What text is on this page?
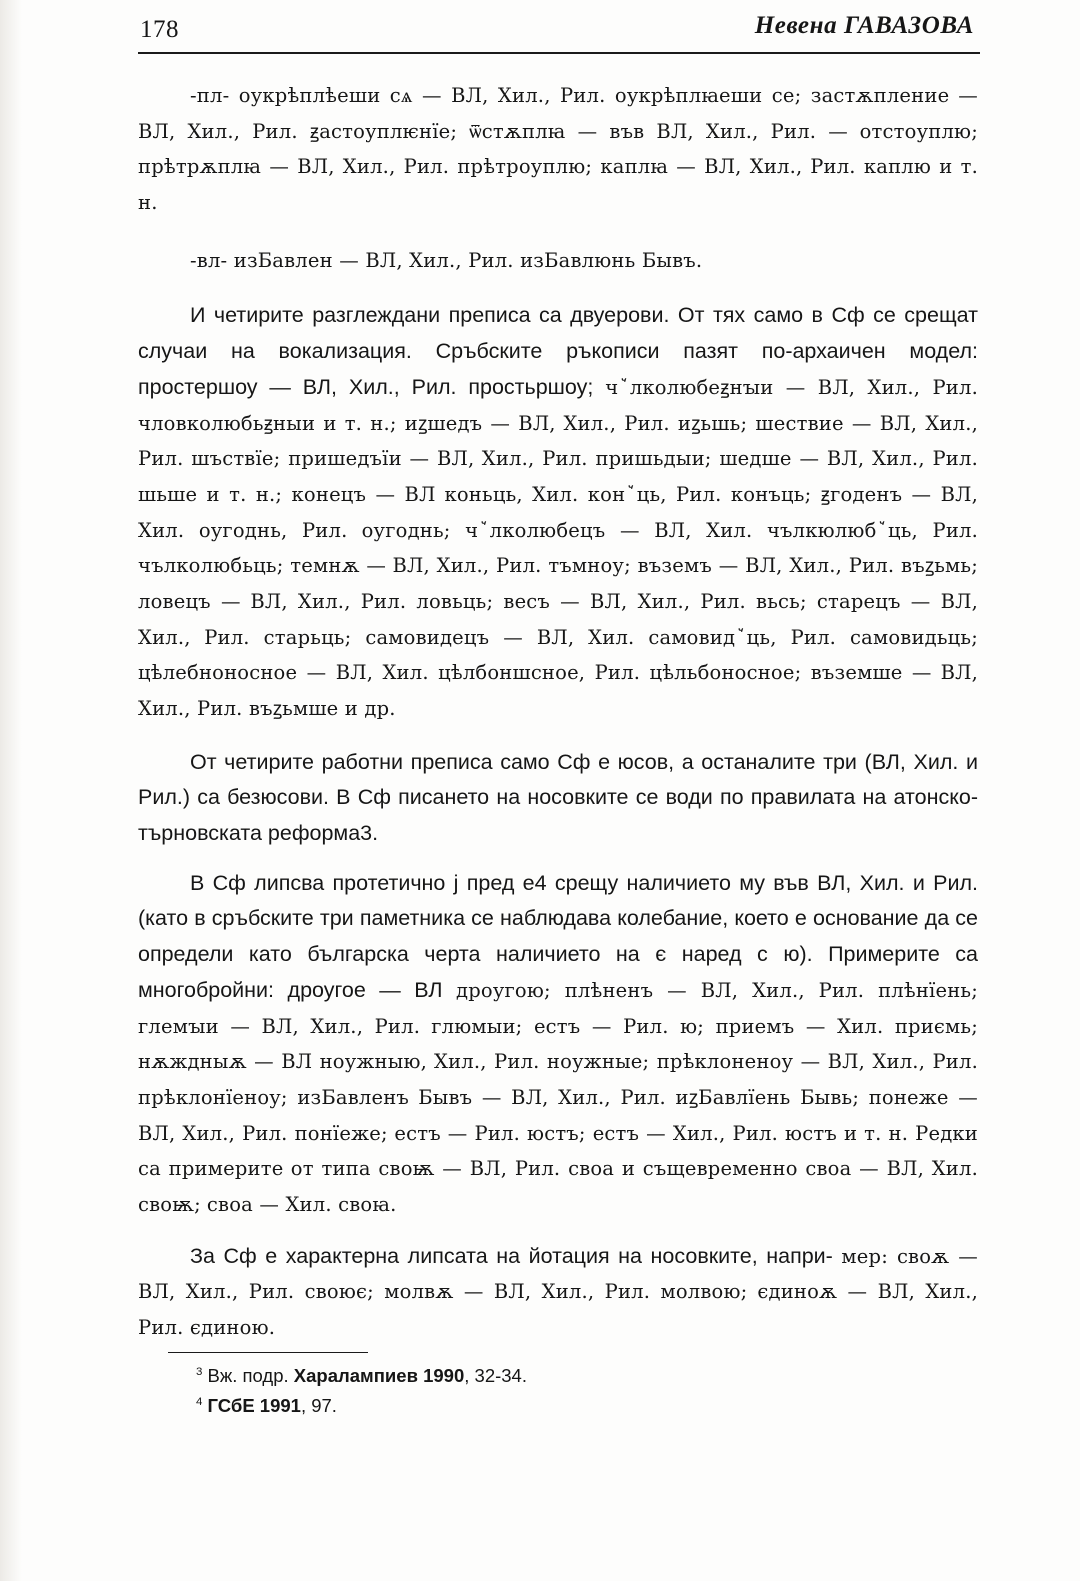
178	Невена ГАВАЗОВА

-пл- оукрѣплѣеши сѧ — ВЛ, Хил., Рил. оукрѣплꙗеши се; застѫпление — ВЛ, Хил., Рил. ꙃастоуплѥнїе; ѿстѫплꙗ — във ВЛ, Хил., Рил. — отстоуплю; прѣтрѫплꙗ — ВЛ, Хил., Рил. прѣтроуплю; каплꙗ — ВЛ, Хил., Рил. каплю и т. н.

-вл- изБавлен — ВЛ, Хил., Рил. изБавлюнь Бывъ.

И четирите разглеждани преписа са двуерови. От тях само в Сф се срещат случаи на вокализация. Сръбските ръкописи пазят по-архаичен модел: простершоу — ВЛ, Хил., Рил. простьршоу; чꙿлколюбеꙃнꙑи — ВЛ, Хил., Рил. чловколюбьꙃныи и т. н.; иꙁшедъ — ВЛ, Хил., Рил. иꙁьшь; шествие — ВЛ, Хил., Рил. шъствїе; пришедъїи — ВЛ, Хил., Рил. пришьдыи; шедше — ВЛ, Хил., Рил. шьше и т. н.; конецъ — ВЛ коньць, Хил. конꙿць, Рил. конъць; ꙃгоденъ — ВЛ, Хил. оугоднь, Рил. оугоднь; чꙿлколюбецъ — ВЛ, Хил. чълкюлюбꙿць, Рил. чълколюбьць; темнѫ — ВЛ, Хил., Рил. тъмноу; въземъ — ВЛ, Хил., Рил. въꙁьмь; ловецъ — ВЛ, Хил., Рил. ловьць; весъ — ВЛ, Хил., Рил. вьсь; старецъ — ВЛ, Хил., Рил. старьць; самовидецъ — ВЛ, Хил. самовидꙿць, Рил. самовидьць; цѣлебноносное — ВЛ, Хил. цѣлбоншсное, Рил. цѣльбоносное; въземше — ВЛ, Хил., Рил. въꙁьмше и др.

От четирите работни преписа само Сф е юсов, а останалите три (ВЛ, Хил. и Рил.) са безюсови. В Сф писането на носовките се води по правилата на атонско-търновската реформа3.

В Сф липсва протетично ј пред е4 срещу наличието му във ВЛ, Хил. и Рил. (като в сръбските три паметника се наблюдава колебание, което е основание да се определи като българска черта наличието на є наред с ю). Примерите са многобройни: дроугое — ВЛ дроугою; плѣненъ — ВЛ, Хил., Рил. плѣнїень; глемꙑи — ВЛ, Хил., Рил. глюмыи; естъ — Рил. ю; приемъ — Хил. приємь; нѫждныѫ — ВЛ ноужныю, Хил., Рил. ноужные; прѣклоненоу — ВЛ, Хил., Рил. прѣклонїеноу; изБавленъ Бывъ — ВЛ, Хил., Рил. иꙁБавлїень Бывь; понеже — ВЛ, Хил., Рил. понїеже; естъ — Рил. юстъ; естъ — Хил., Рил. юстъ и т. н. Редки са примерите от типа своѭ — ВЛ, Рил. своа и същевременно своа — ВЛ, Хил. своѭ; своа — Хил. своꙗ.

За Сф е характерна липсата на йотация на носовките, напри- мер: своѫ — ВЛ, Хил., Рил. своює; молвѫ — ВЛ, Хил., Рил. молвою; єдиноѫ — ВЛ, Хил., Рил. єдиною.

$^3$ Вж. подр. Харалампиев 1990, 32-34.

$^4$ ГСбЕ 1991, 97.
